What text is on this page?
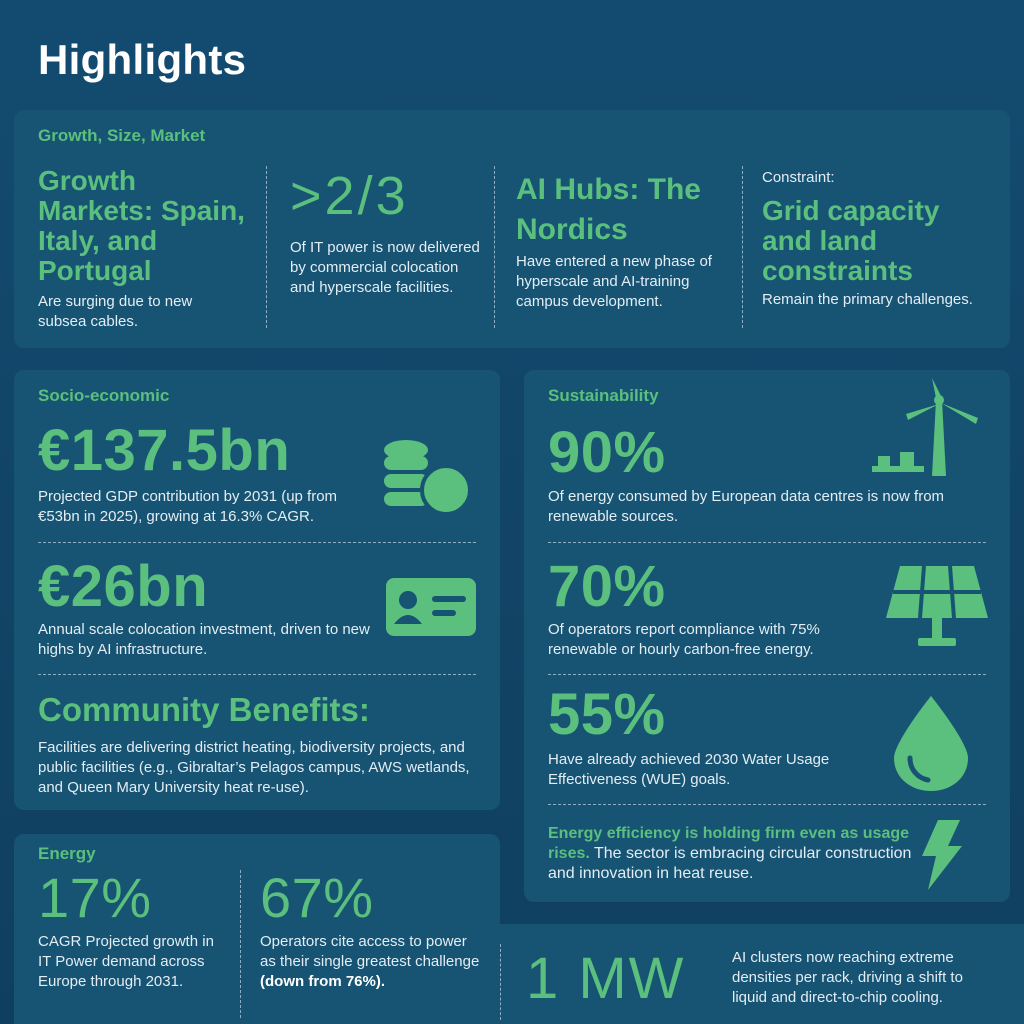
Highlights
Growth, Size, Market
Growth Markets: Spain, Italy, and Portugal
Are surging due to new subsea cables.
>2/3
Of IT power is now delivered by commercial colocation and hyperscale facilities.
AI Hubs: The Nordics
Have entered a new phase of hyperscale and AI-training campus development.
Constraint:
Grid capacity and land constraints
Remain the primary challenges.
Socio-economic
€137.5bn
Projected GDP contribution by 2031 (up from €53bn in 2025), growing at 16.3% CAGR.
€26bn
Annual scale colocation investment, driven to new highs by AI infrastructure.
Community Benefits:
Facilities are delivering district heating, biodiversity projects, and public facilities (e.g., Gibraltar’s Pelagos campus, AWS wetlands, and Queen Mary University heat re-use).
Sustainability
90%
Of energy consumed by European data centres is now from renewable sources.
70%
Of operators report compliance with 75% renewable or hourly carbon-free energy.
55%
Have already achieved 2030 Water Usage Effectiveness (WUE) goals.
Energy efficiency is holding firm even as usage rises. The sector is embracing circular construction and innovation in heat reuse.
Energy
17%
CAGR Projected growth in IT Power demand across Europe through 2031.
67%
Operators cite access to power as their single greatest challenge (down from 76%).	1 MW	AI clusters now reaching extreme densities per rack, driving a shift to liquid and direct-to-chip cooling.
